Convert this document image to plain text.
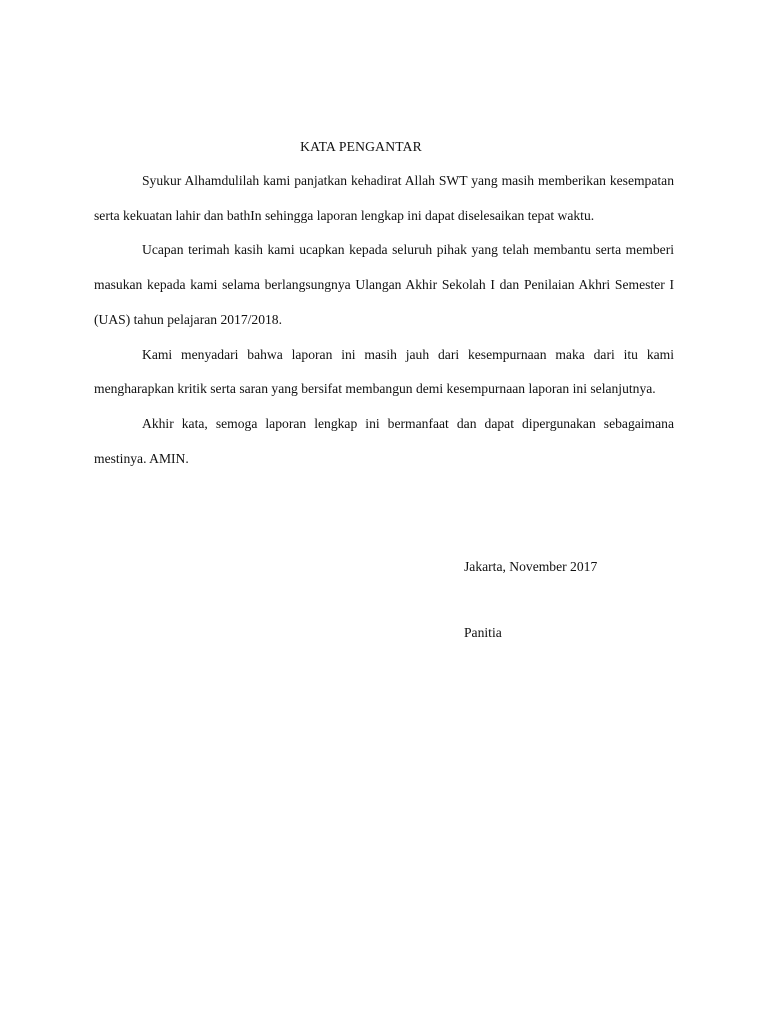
KATA PENGANTAR

Syukur Alhamdulilah kami panjatkan kehadirat Allah SWT yang masih memberikan kesempatan serta kekuatan lahir dan bathIn sehingga laporan lengkap ini dapat diselesaikan tepat waktu.

Ucapan terimah kasih kami ucapkan kepada seluruh pihak yang telah membantu serta memberi masukan kepada kami selama berlangsungnya Ulangan Akhir Sekolah I dan Penilaian Akhri Semester I (UAS) tahun pelajaran 2017/2018.

Kami menyadari bahwa laporan ini masih jauh dari kesempurnaan maka dari itu kami mengharapkan kritik serta saran yang bersifat membangun demi kesempurnaan laporan ini selanjutnya.

Akhir kata, semoga laporan lengkap ini bermanfaat dan dapat dipergunakan sebagaimana mestinya. AMIN.

Jakarta, November 2017

Panitia
